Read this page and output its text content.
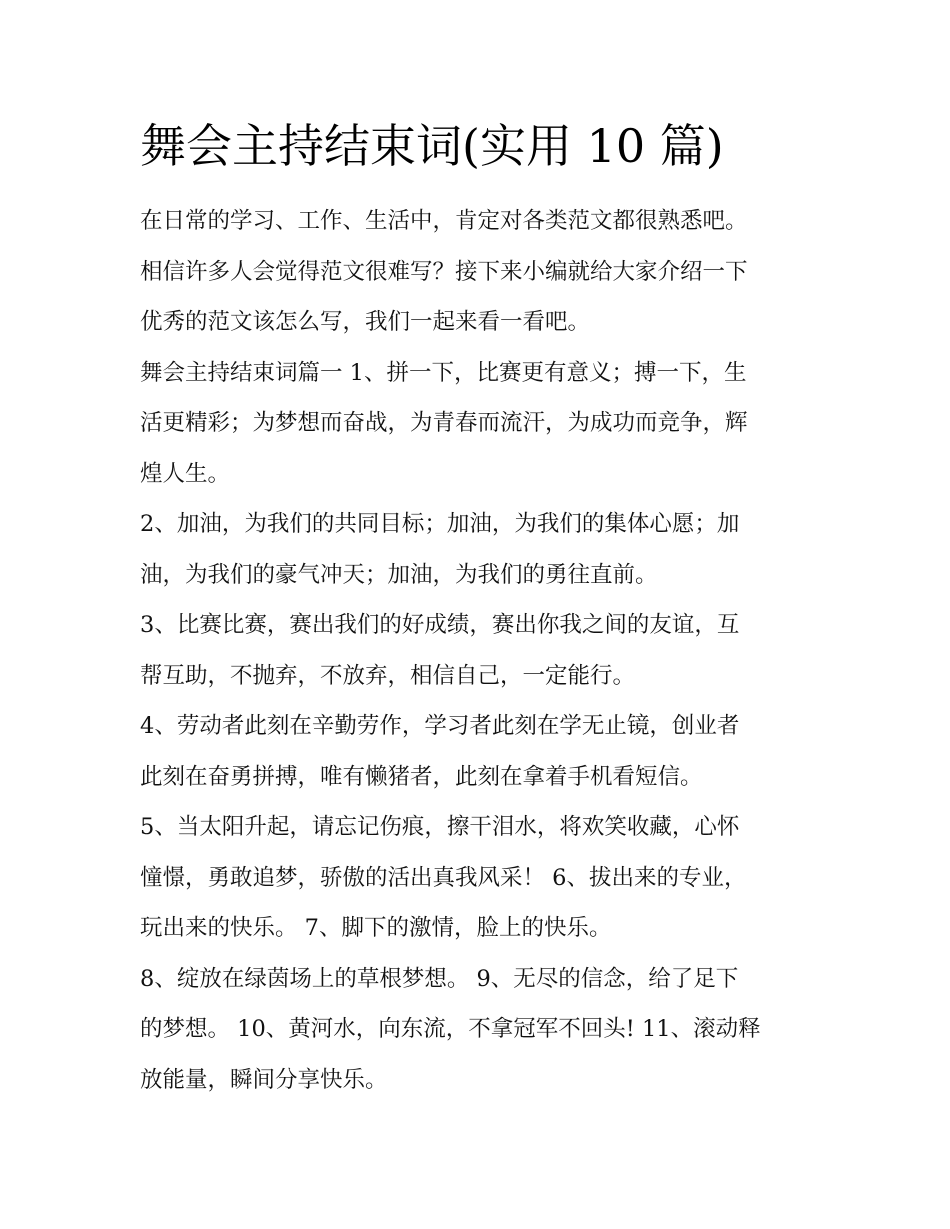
舞会主持结束词(实用 10 篇)
在日常的学习、工作、生活中，肯定对各类范文都很熟悉吧。
相信许多人会觉得范文很难写？接下来小编就给大家介绍一下
优秀的范文该怎么写，我们一起来看一看吧。
舞会主持结束词篇一 1、拼一下，比赛更有意义；搏一下，生
活更精彩；为梦想而奋战，为青春而流汗，为成功而竞争，辉
煌人生。
2、加油，为我们的共同目标；加油，为我们的集体心愿；加
油，为我们的豪气冲天；加油，为我们的勇往直前。
3、比赛比赛，赛出我们的好成绩，赛出你我之间的友谊，互
帮互助，不抛弃，不放弃，相信自己，一定能行。
4、劳动者此刻在辛勤劳作，学习者此刻在学无止镜，创业者
此刻在奋勇拼搏，唯有懒猪者，此刻在拿着手机看短信。
5、当太阳升起，请忘记伤痕，擦干泪水，将欢笑收藏，心怀
憧憬，勇敢追梦，骄傲的活出真我风采！ 6、拔出来的专业，
玩出来的快乐。 7、脚下的激情，脸上的快乐。
8、绽放在绿茵场上的草根梦想。 9、无尽的信念，给了足下
的梦想。 10、黄河水，向东流，不拿冠军不回头! 11、滚动释
放能量，瞬间分享快乐。
